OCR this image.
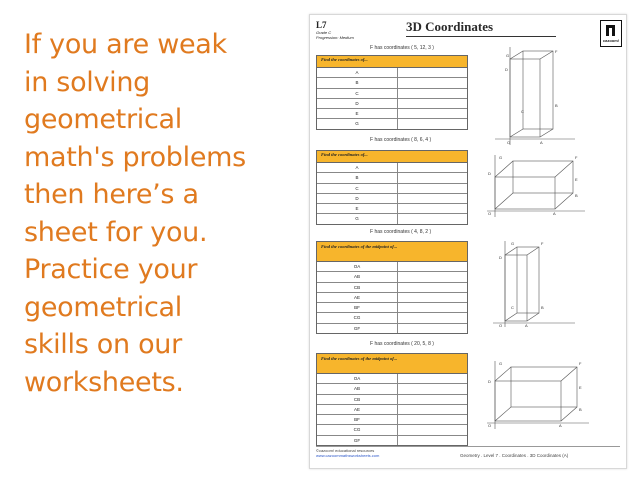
If you are weak
in solving
geometrical
math's problems
then here’s a
sheet for you.
Practice your
geometrical
skills on our
worksheets.
L7
Grade C
Progression: Medium
3D Coordinates
cazoom!
F has coordinates ( 5, 12, 3 )
Find the coordinates of...
A
B
C
D
E
G
G
F
D
B
C
O	A
F has coordinates ( 8, 6, 4 )
Find the coordinates of...
A
B
C
D
E
G
G	F
D
E
B
O	A
F has coordinates ( 4, 8, 2 )
Find the coordinates of the midpoint of...
OA
AB
CB
AE
BF
CG
GF
G	F
D
B
C
O	A
F has coordinates ( 20, 5, 8 )
Find the coordinates of the midpoint of...
OA
AB
CB
AE
BF
CG
GF
G	F
D
E
B
O	A
©cazoom! educational resources
www.cazoommathsworksheets.com	Geometry . Level 7 . Coordinates . 3D Coordinates (A)
